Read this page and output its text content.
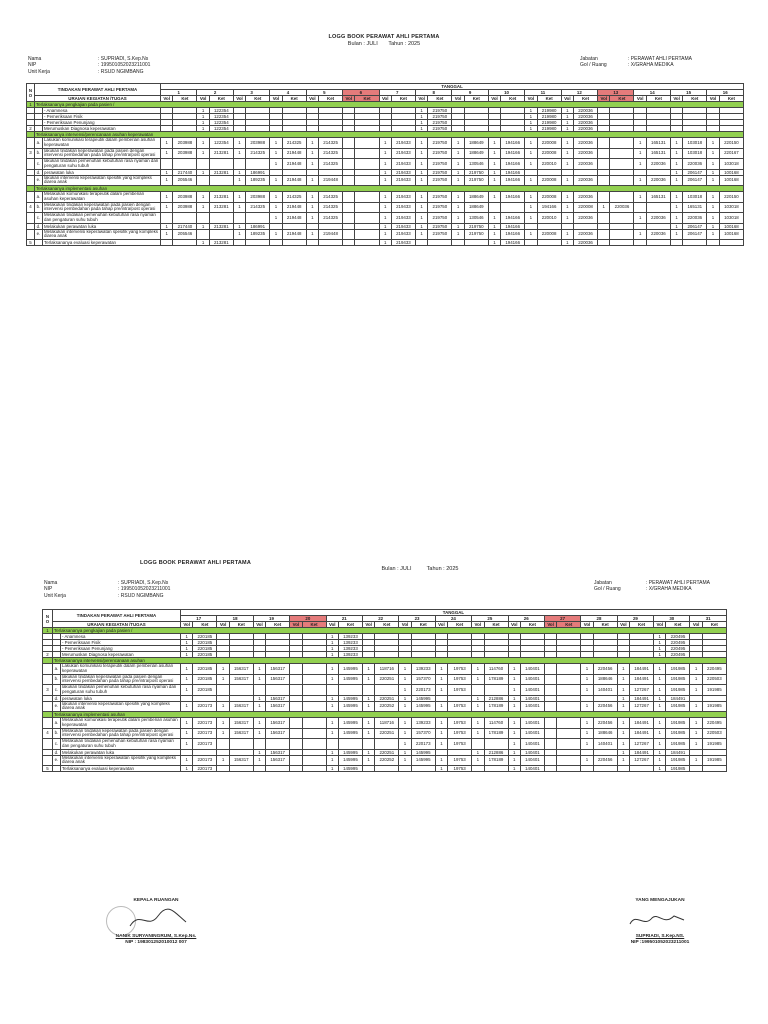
LOGG BOOK PERAWAT AHLI PERTAMA
Bulan : JULI Tahun : 2025
Nama	: SUPRIADI, S.Kep.Ns
NIP	: 199501052023211001
Unit Kerja	: RSUD NGIMBANG
Jabatan	: PERAWAT AHLI PERTAMA
Gol / Ruang	: X/GRAHA MEDIKA
N O	TINDAKAN PERAWAT AHLI PERTAMA		TANGGAL																															
			1		2		3		4		5		6		7		8		9		10		11		12		13		14		15		16	
	URAIAN KEGIATAN /TUGAS		Vol	Ket	Vol	Ket	Vol	Ket	Vol	Ket	Vol	Ket	Vol	Ket	Vol	Ket	Vol	Ket	Vol	Ket	Vol	Ket	Vol	Ket	Vol	Ket	Vol	Ket	Vol	Ket	Vol	Ket	Vol	Ket
1	Terlaksananya pengkajian pada pasien /																																	
		- Anamnesa			1	122354											1	219750					1	219980	1	220036								
		- Pemeriksaan Fisik			1	122354											1	219750					1	219980	1	220036								
		- Pemeriksaan Penunjang			1	122354											1	219750					1	219980	1	220036								
2		Merumuskan Diagnosa keperawatan			1	122354											1	219750					1	219980	1	220036								
	Terlaksananya intervensi/perencanaan asuhan keperawatan																																	
	a.	Lakukan komunikasi terapeutik dalam pemberian asuhan keperawatan	1	203988	1	122354	1	203988	1	214325	1	214325			1	219433	1	219750	1	188649	1	194166	1	220008	1	220036			1	165131	1	103018	1	220150
3	b.	lakukan tindakan keperawatan pada pasien dengan intervensi pembedahan pada tahap pre/intra/post operasi	1	203988	1	213281	1	214325	1	219448	1	214325			1	219433	1	219750	1	188649	1	194166	1	220008	1	220036			1	165131	1	103018	1	220167
	c.	lakukan tindakan pemenuhan kebutuhan rasa nyaman dan pengaturan suhu tubuh							1	219448	1	214325			1	219433	1	219750	1	130546	1	194166	1	220010	1	220036			1	220036	1	220036	1	103018
	d.	perawatan luka	1	217440	1	213281	1	186991							1	219433	1	219750	1	219750	1	194166									1	206147	1	100168
	e.	lakukan intervensi keperawatan spesifik yang kompleks diarea anak	1	205546			1	189235	1	219448	1	219448			1	219433	1	219750	1	219750	1	194166	1	220008	1	220036			1	220036	1	206147	1	100168
	Terlaksananya implementasi asuhan																																	
	a.	Melakukan komunikasi terapeutik dalam pemberian asuhan keperawatan	1	203988	1	213281	1	203988	1	214325	1	214325			1	219433	1	219750	1	188649	1	194166	1	220008	1	220036			1	165131	1	103018	1	220150
4	b.	Melakukan tindakan keperawatan pada pasien dengan intervensi pembedahan pada tahap pre/intra/post operasi	1	203988	1	213281	1	214325	1	219448	1	214325			1	219433	1	219750	1	188649			1	194166	1	220008	1	220036			1	165131	1	103018
	c.	Melakukan tindakan pemenuhan kebutuhan rasa nyaman dan pengaturan suhu tubuh							1	219448	1	214325			1	219433	1	219750	1	130546	1	194166	1	220010	1	220036			1	220036	1	220036	1	103018
	d.	Melakukan perawatan luka	1	217440	1	213281	1	186991							1	219433	1	219750	1	219750	1	194166									1	206147	1	100168
	e.	Melakukan intervensi keperawatan spesifik yang kompleks diarea anak	1	205546			1	189235	1	219448	1	219448			1	219433	1	219750	1	219750	1	194166	1	220008	1	220036			1	220036	1	206147	1	100168
5		Terlaksananya evaluasi keperawatan			1	213281									1	219433					1	194166			1	220036								
LOGG BOOK PERAWAT AHLI PERTAMA
Bulan : JULI	Tahun : 2025
Nama	: SUPRIADI, S.Kep.Ns
NIP	: 199501052023211001
Unit Kerja	: RSUD NGIMBANG
Jabatan	: PERAWAT AHLI PERTAMA
Gol / Ruang	: X/GRAHA MEDIKA
N O	TINDAKAN PERAWAT AHLI PERTAMA		TANGGAL																													
			17		18		19		20		21		22		23		24		25		26		27		28		29		30		31	
	URAIAN KEGIATAN /TUGAS		Vol	Ket	Vol	Ket	Vol	Ket	Vol	Ket	Vol	Ket	Vol	Ket	Vol	Ket	Vol	Ket	Vol	Ket	Vol	Ket	Vol	Ket	Vol	Ket	Vol	Ket	Vol	Ket	Vol	Ket
1	Terlaksananya pengkajian pada pasien /																															
		- Anamnesa	1	220185							1	139233																	1	220495		
		- Pemeriksaan Fisik	1	220185							1	139233																	1	220495		
		- Pemeriksaan Penunjang	1	220185							1	139233																	1	220495		
2		Merumuskan Diagnosa keperawatan	1	220185							1	139233																	1	220495		
	Terlaksananya intervensi/perencanaan asuhan																															
	a.	Lakukan komunikasi terapeutik dalam pemberian asuhan keperawatan	1	220185	1	156317	1	156317			1	145995	1	118716	1	139233	1	19753	1	114760	1	140401			1	220456	1	184491	1	191985	1	220495
	b.	lakukan tindakan keperawatan pada pasien dengan intervensi pembedahan pada tahap pre/intra/post operasi	1	220185	1	156317	1	156317			1	145995	1	220251	1	157370	1	19753	1	178189	1	140401			1	188646	1	184491	1	191985	1	220503
3	c.	lakukan tindakan pemenuhan kebutuhan rasa nyaman dan pengaturan suhu tubuh	1	220185											1	220173	1	19753			1	140401			1	140401	1	127267	1	191985	1	191985
	d.	perawatan luka					1	156317			1	145995	1	220251	1	145995			1	212886	1	140401					1	184491	1	184491		
	e.	lakukan intervensi keperawatan spesifik yang kompleks diarea anak	1	220173	1	156317	1	156317			1	145995	1	220252	1	145995	1	19753	1	178189	1	140401			1	220456	1	127267	1	191985	1	191985
	Terlaksananya implementasi asuhan																															
	a.	Melakukan komunikasi terapeutik dalam pemberian asuhan keperawatan	1	220173	1	156317	1	156317			1	145995	1	118716	1	139233	1	19753	1	114760	1	140401			1	220456	1	184491	1	191985	1	220495
4	b.	Melakukan tindakan keperawatan pada pasien dengan intervensi pembedahan pada tahap pre/intra/post operasi	1	220173	1	156317	1	156317			1	145995	1	220251	1	157370	1	19753	1	178189	1	140401			1	188646	1	184491	1	191985	1	220503
	c.	Melakukan tindakan pemenuhan kebutuhan rasa nyaman dan pengaturan suhu tubuh	1	220173											1	220173	1	19753			1	140401			1	140401	1	127267	1	191985	1	191985
	d.	Melakukan perawatan luka					1	156317			1	145995	1	220251	1	145995			1	212886	1	140401					1	184491	1	184491		
	e.	Melakukan intervensi keperawatan spesifik yang kompleks diarea anak	1	220173	1	156317	1	156317			1	145995	1	220252	1	145995	1	19753	1	178189	1	140401			1	220456	1	127267	1	191985	1	191985
5		Terlaksananya evaluasi keperawatan	1	220173							1	145995					1	19753			1	140401							1	191985		
KEPALA RUANGAN
NANIK SURYANINGRUM, S.Kep.Ns.
NIP : 198301252010012 007
YANG MENGAJUKAN
SUPRIADI, S.Kep.NS.
NIP :199501052023211001
